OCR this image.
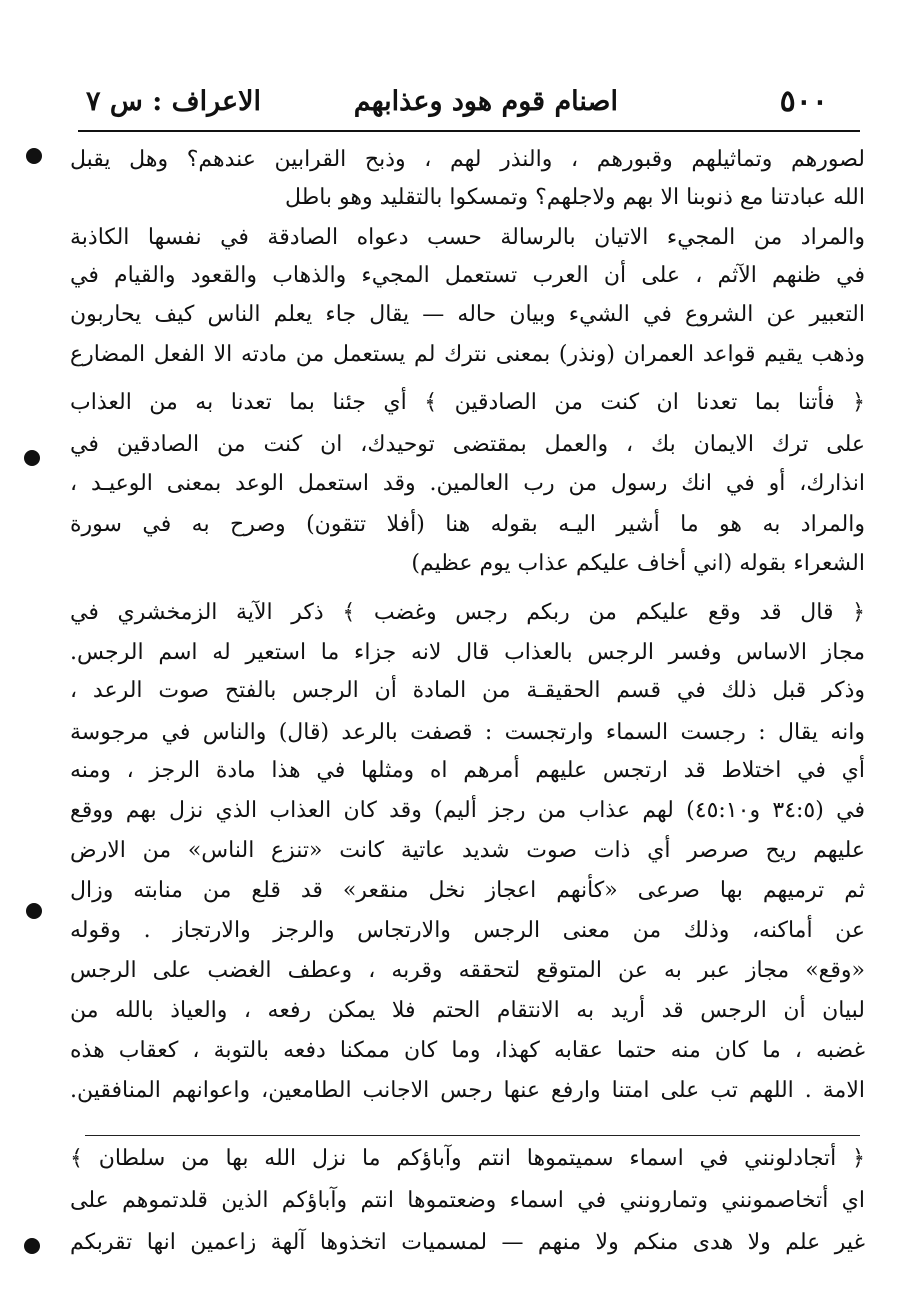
٥٠٠
اصنام قوم هود وعذابهم
الاعراف : س ٧
لصورهم وتماثيلهم وقبورهم ، والنذر لهم ، وذبح القرابين عندهم؟ وهل يقبل
الله عبادتنا مع ذنوبنا الا بهم ولاجلهم؟ وتمسكوا بالتقليد وهو باطل
والمراد من المجيء الاتيان بالرسالة حسب دعواه الصادقة في نفسها الكاذبة
في ظنهم الآثم ، على أن العرب تستعمل المجيء والذهاب والقعود والقيام في
التعبير عن الشروع في الشيء وبيان حاله — يقال جاء يعلم الناس كيف يحاربون
وذهب يقيم قواعد العمران (ونذر) بمعنى نترك لم يستعمل من مادته الا الفعل المضارع
﴿ فأتنا بما تعدنا ان كنت من الصادقين ﴾ أي جئنا بما تعدنا به من العذاب
على ترك الايمان بك ، والعمل بمقتضى توحيدك، ان كنت من الصادقين في
انذارك، أو في انك رسول من رب العالمين. وقد استعمل الوعد بمعنى الوعيـد ،
والمراد به هو ما أشير اليـه بقوله هنا (أفلا تتقون) وصرح به في سورة
الشعراء بقوله (اني أخاف عليكم عذاب يوم عظيم)
﴿ قال قد وقع عليكم من ربكم رجس وغضب ﴾ ذكر الآية الزمخشري في
مجاز الاساس وفسر الرجس بالعذاب قال لانه جزاء ما استعير له اسم الرجس.
وذكر قبل ذلك في قسم الحقيقـة من المادة أن الرجس بالفتح صوت الرعد ،
وانه يقال : رجست السماء وارتجست : قصفت بالرعد (قال) والناس في مرجوسة
أي في اختلاط قد ارتجس عليهم أمرهم اه ومثلها في هذا مادة الرجز ، ومنه
في (٣٤:٥ و٤٥:١٠) لهم عذاب من رجز أليم) وقد كان العذاب الذي نزل بهم ووقع
عليهم ريح صرصر أي ذات صوت شديد عاتية كانت «تنزع الناس» من الارض
ثم ترميهم بها صرعى «كأنهم اعجاز نخل منقعر» قد قلع من منابته وزال
عن أماكنه، وذلك من معنى الرجس والارتجاس والرجز والارتجاز . وقوله
«وقع» مجاز عبر به عن المتوقع لتحققه وقربه ، وعطف الغضب على الرجس
لبيان أن الرجس قد أريد به الانتقام الحتم فلا يمكن رفعه ، والعياذ بالله من
غضبه ، ما كان منه حتما عقابه كهذا، وما كان ممكنا دفعه بالتوبة ، كعقاب هذه
الامة . اللهم تب على امتنا وارفع عنها رجس الاجانب الطامعين، واعوانهم المنافقين.
﴿ أتجادلونني في اسماء سميتموها انتم وآباؤكم ما نزل الله بها من سلطان ﴾
اي أتخاصمونني وتمارونني في اسماء وضعتموها انتم وآباؤكم الذين قلدتموهم على
غير علم ولا هدى منكم ولا منهم — لمسميات اتخذوها آلهة زاعمين انها تقربكم
